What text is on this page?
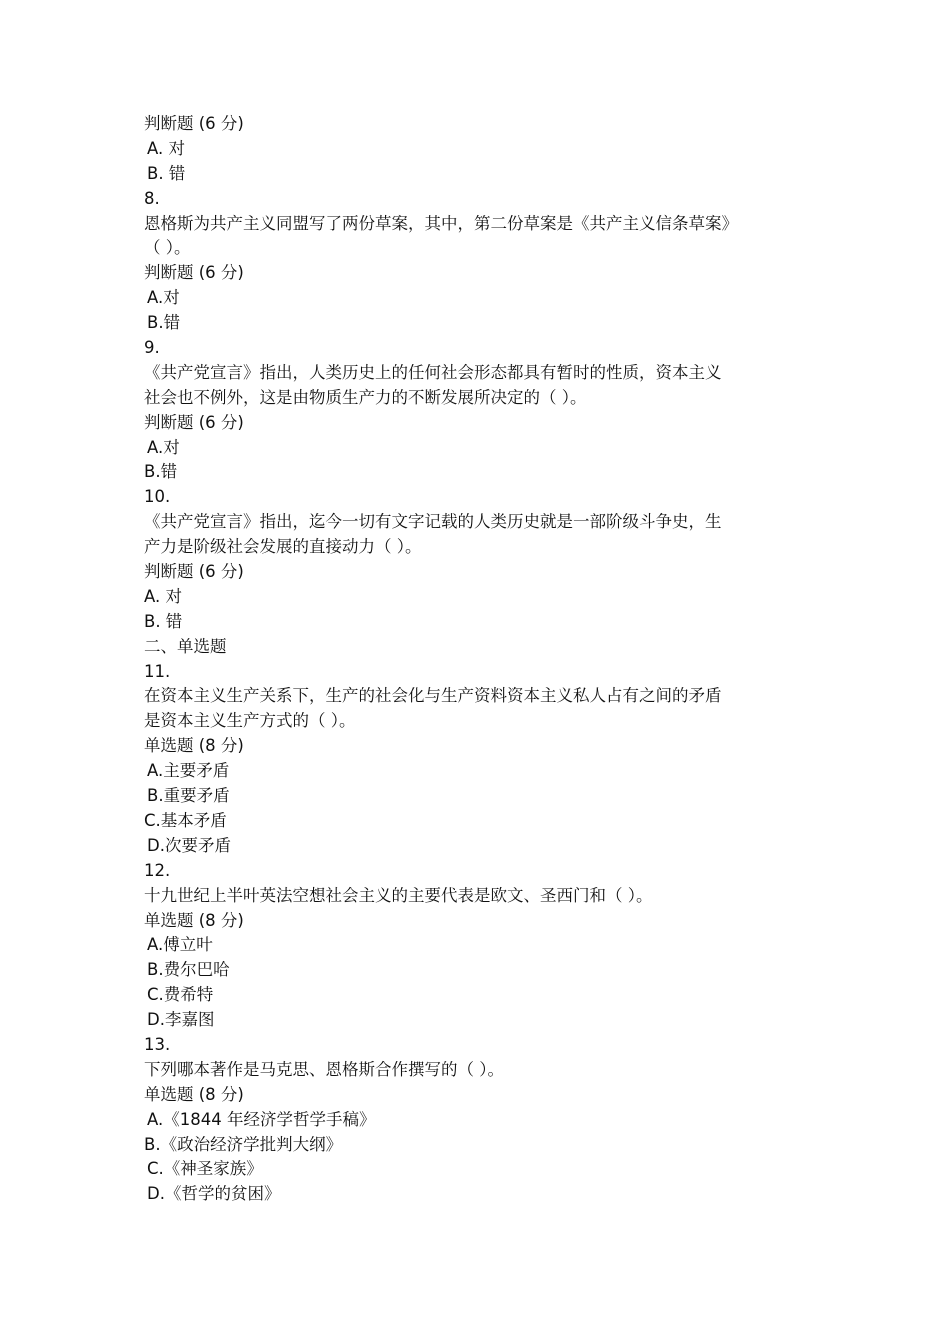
判断题 (6 分)
A. 对
B. 错
8.
恩格斯为共产主义同盟写了两份草案，其中，第二份草案是《共产主义信条草案》
（ ）。
判断题 (6 分)
A.对
B.错
9.
《共产党宣言》指出，人类历史上的任何社会形态都具有暂时的性质，资本主义
社会也不例外，这是由物质生产力的不断发展所决定的（ ）。
判断题 (6 分)
A.对
B.错
10.
《共产党宣言》指出，迄今一切有文字记载的人类历史就是一部阶级斗争史，生
产力是阶级社会发展的直接动力（ ）。
判断题 (6 分)
A. 对
B. 错
二、单选题
11.
在资本主义生产关系下，生产的社会化与生产资料资本主义私人占有之间的矛盾
是资本主义生产方式的（ ）。
单选题 (8 分)
A.主要矛盾
B.重要矛盾
C.基本矛盾
D.次要矛盾
12.
十九世纪上半叶英法空想社会主义的主要代表是欧文、圣西门和（ ）。
单选题 (8 分)
A.傅立叶
B.费尔巴哈
C.费希特
D.李嘉图
13.
下列哪本著作是马克思、恩格斯合作撰写的（ ）。
单选题 (8 分)
A.《1844 年经济学哲学手稿》
B.《政治经济学批判大纲》
C.《神圣家族》
D.《哲学的贫困》
